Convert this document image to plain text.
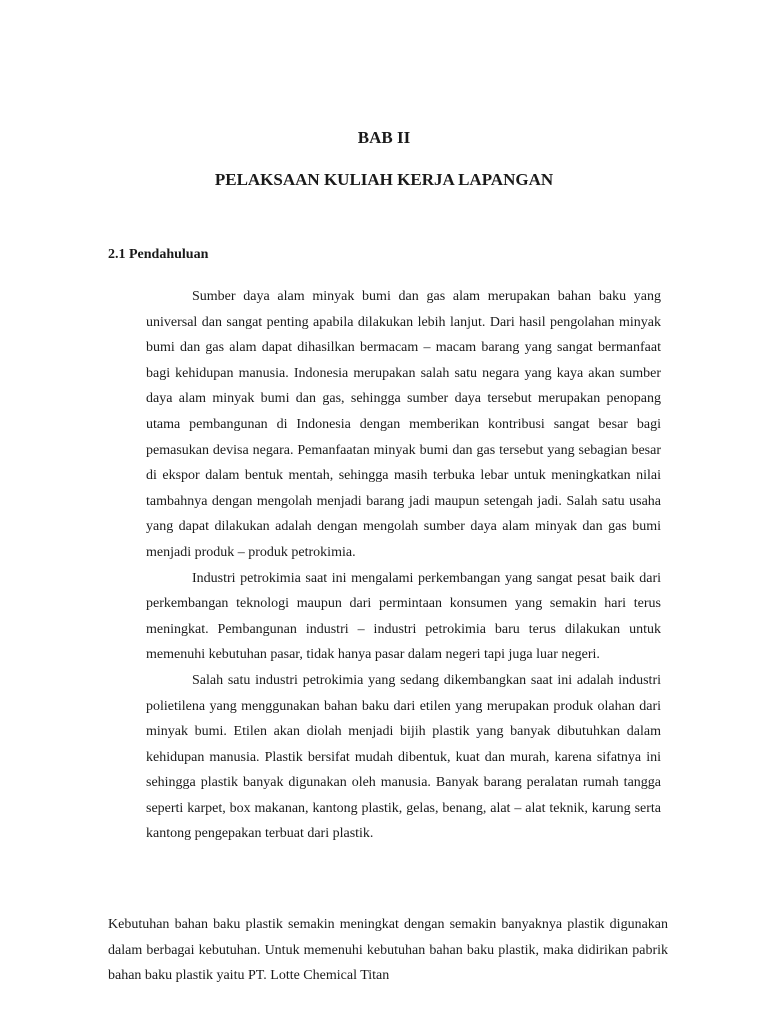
BAB II
PELAKSAAN KULIAH KERJA LAPANGAN
2.1 Pendahuluan

Sumber daya alam minyak bumi dan gas alam merupakan bahan baku yang universal dan sangat penting apabila dilakukan lebih lanjut. Dari hasil pengolahan minyak bumi dan gas alam dapat dihasilkan bermacam – macam barang yang sangat bermanfaat bagi kehidupan manusia. Indonesia merupakan salah satu negara yang kaya akan sumber daya alam minyak bumi dan gas, sehingga sumber daya tersebut merupakan penopang utama pembangunan di Indonesia dengan memberikan kontribusi sangat besar bagi pemasukan devisa negara. Pemanfaatan minyak bumi dan gas tersebut yang sebagian besar di ekspor dalam bentuk mentah, sehingga masih terbuka lebar untuk meningkatkan nilai tambahnya dengan mengolah menjadi barang jadi maupun setengah jadi. Salah satu usaha yang dapat dilakukan adalah dengan mengolah sumber daya alam minyak dan gas bumi menjadi produk – produk petrokimia.

Industri petrokimia saat ini mengalami perkembangan yang sangat pesat baik dari perkembangan teknologi maupun dari permintaan konsumen yang semakin hari terus meningkat. Pembangunan industri – industri petrokimia baru terus dilakukan untuk memenuhi kebutuhan pasar, tidak hanya pasar dalam negeri tapi juga luar negeri.

Salah satu industri petrokimia yang sedang dikembangkan saat ini adalah industri polietilena yang menggunakan bahan baku dari etilen yang merupakan produk olahan dari minyak bumi. Etilen akan diolah menjadi bijih plastik yang banyak dibutuhkan dalam kehidupan manusia. Plastik bersifat mudah dibentuk, kuat dan murah, karena sifatnya ini sehingga plastik banyak digunakan oleh manusia. Banyak barang peralatan rumah tangga seperti karpet, box makanan, kantong plastik, gelas, benang, alat – alat teknik, karung serta kantong pengepakan terbuat dari plastik.

Kebutuhan bahan baku plastik semakin meningkat dengan semakin banyaknya plastik digunakan dalam berbagai kebutuhan. Untuk memenuhi kebutuhan bahan baku plastik, maka didirikan pabrik bahan baku plastik yaitu PT. Lotte Chemical Titan
